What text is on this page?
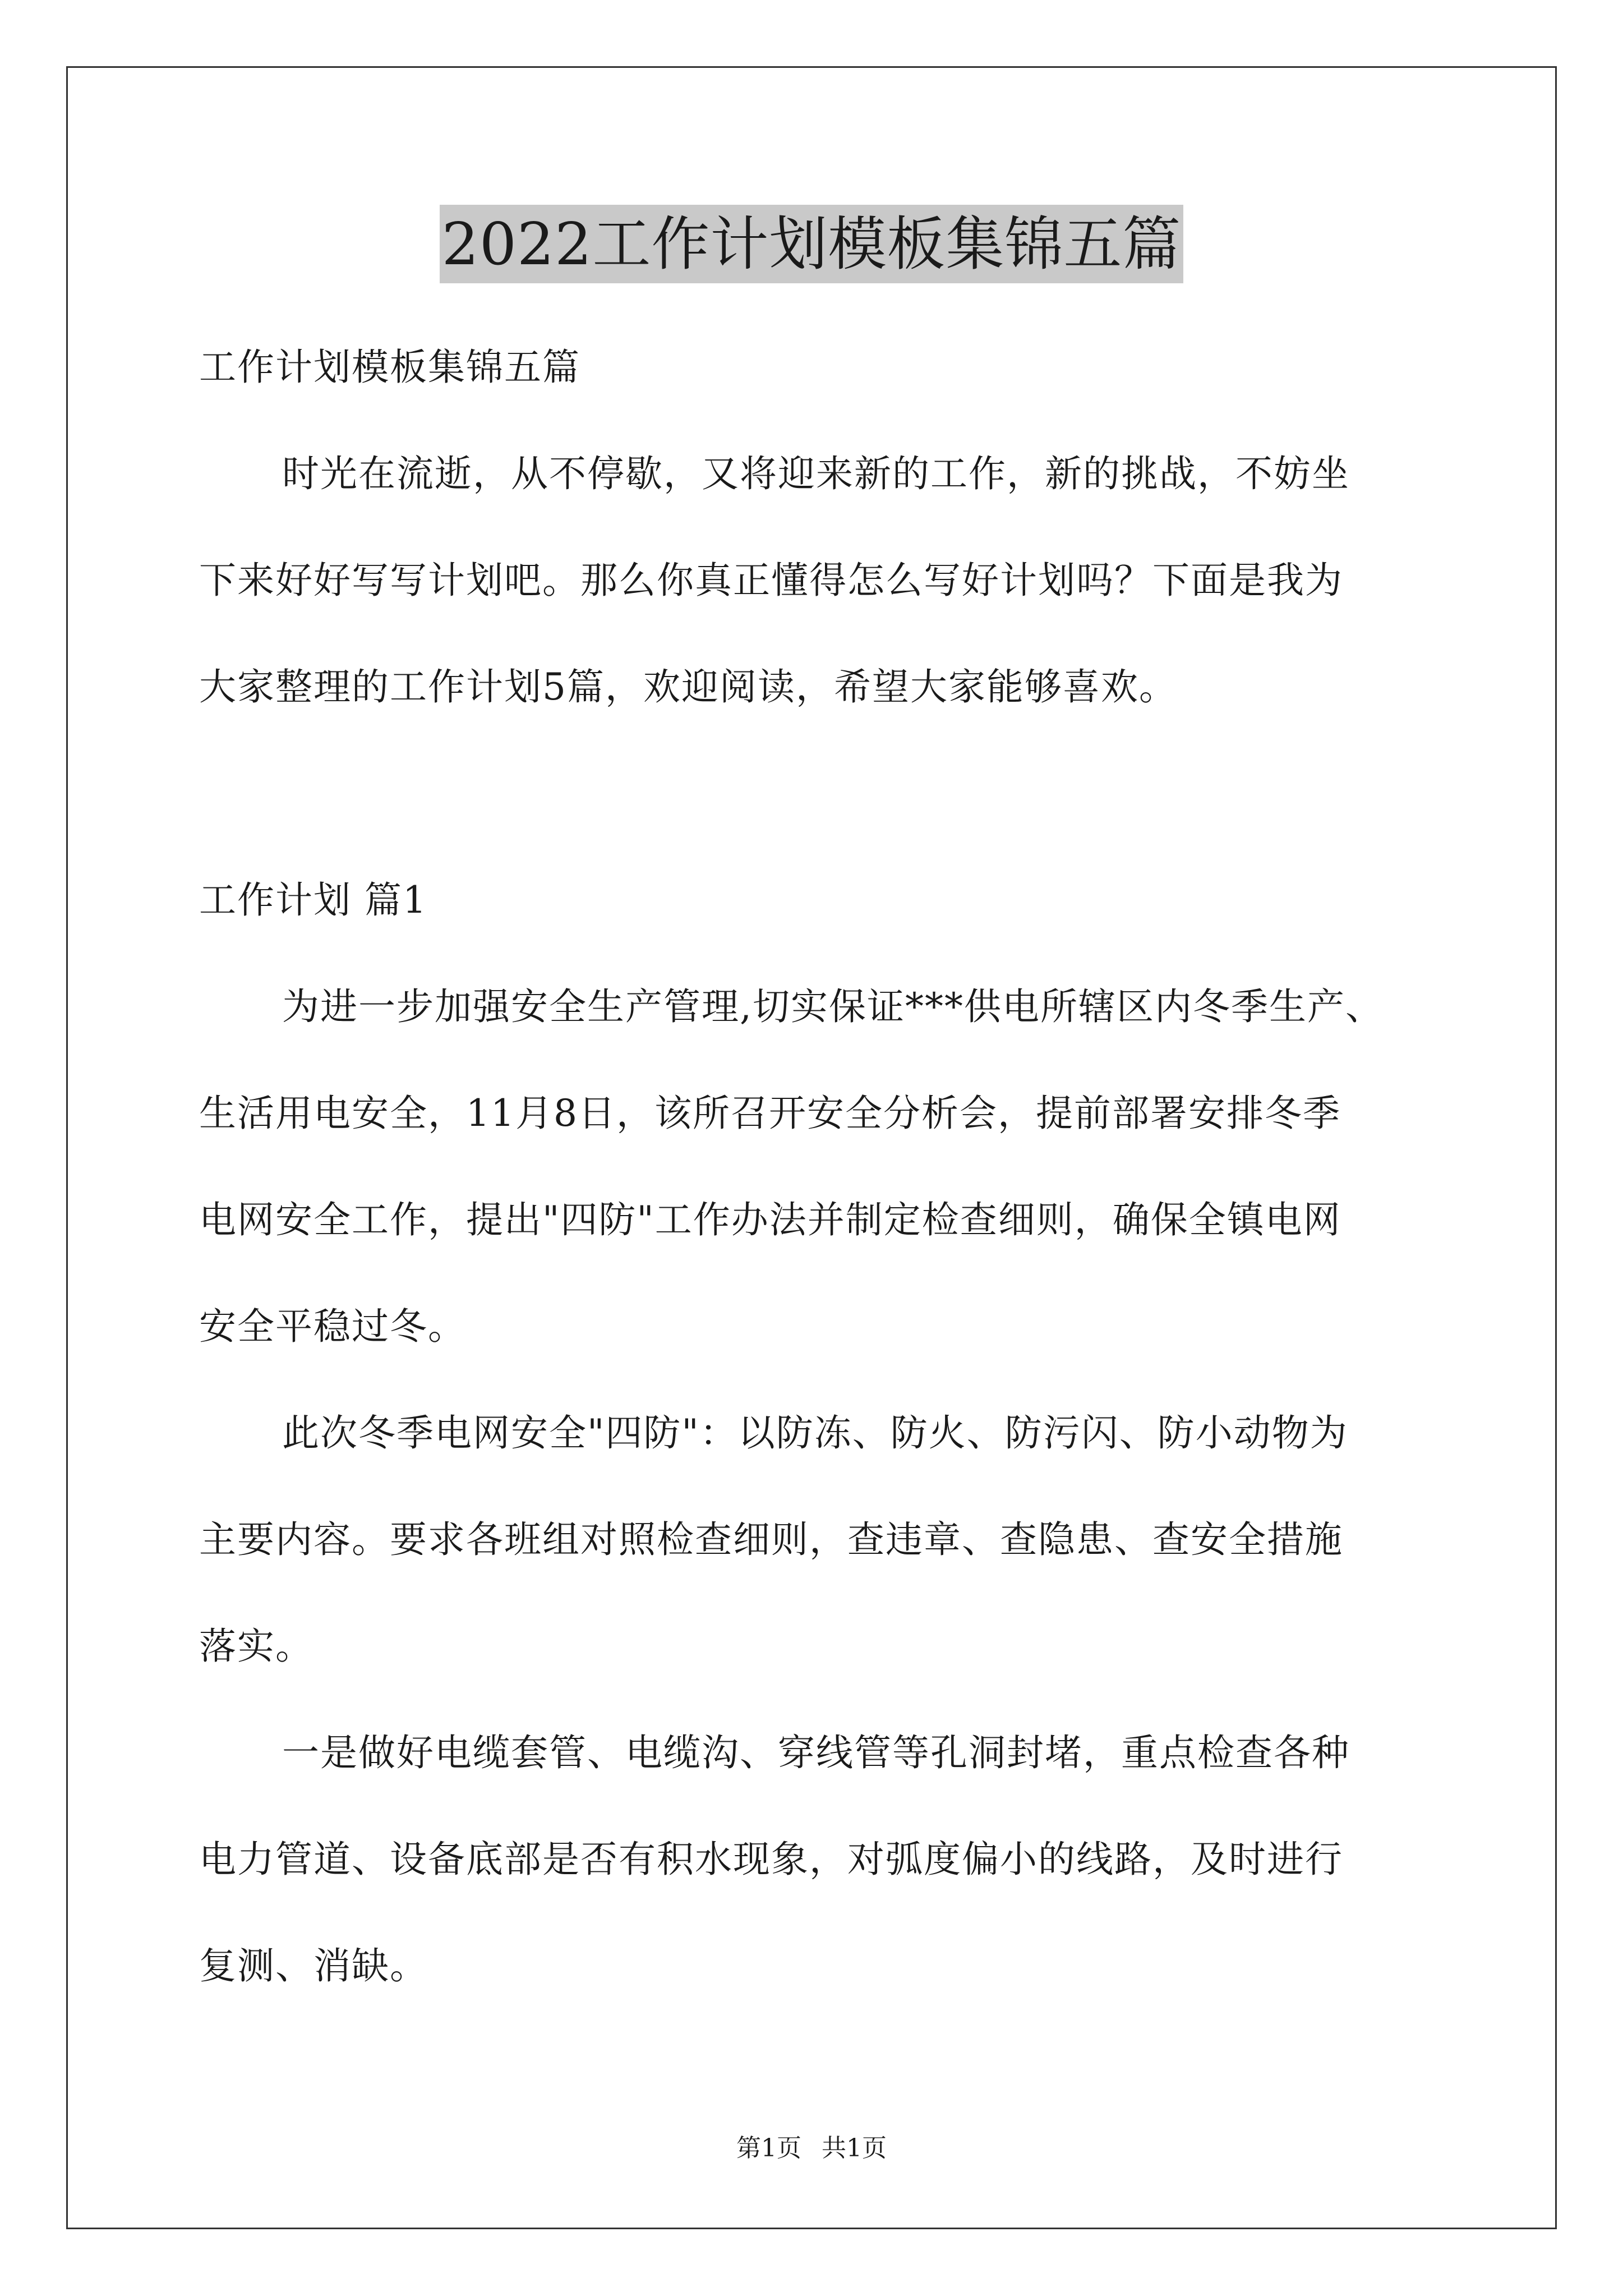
2022工作计划模板集锦五篇
工作计划模板集锦五篇
时光在流逝，从不停歇，又将迎来新的工作，新的挑战，不妨坐
下来好好写写计划吧。那么你真正懂得怎么写好计划吗？下面是我为
大家整理的工作计划5篇，欢迎阅读，希望大家能够喜欢。
工作计划 篇1
为进一步加强安全生产管理,切实保证***供电所辖区内冬季生产、
生活用电安全，11月8日，该所召开安全分析会，提前部署安排冬季
电网安全工作，提出"四防"工作办法并制定检查细则，确保全镇电网
安全平稳过冬。
此次冬季电网安全"四防"：以防冻、防火、防污闪、防小动物为
主要内容。要求各班组对照检查细则，查违章、查隐患、查安全措施
落实。
一是做好电缆套管、电缆沟、穿线管等孔洞封堵，重点检查各种
电力管道、设备底部是否有积水现象，对弧度偏小的线路，及时进行
复测、消缺。
第1页 共1页
